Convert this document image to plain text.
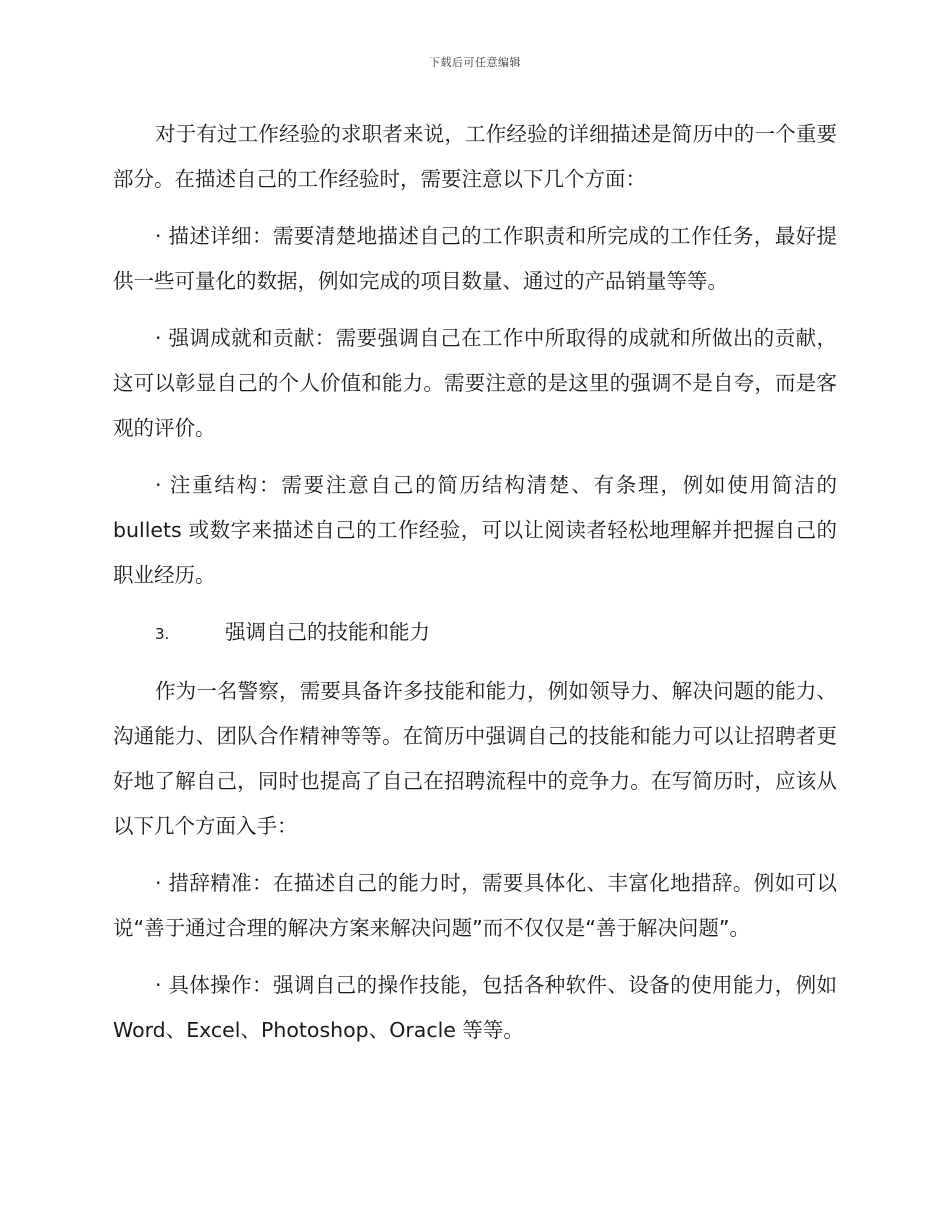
下载后可任意编辑

对于有过工作经验的求职者来说，工作经验的详细描述是简历中的一个重要部分。在描述自己的工作经验时，需要注意以下几个方面：

· 描述详细：需要清楚地描述自己的工作职责和所完成的工作任务，最好提供一些可量化的数据，例如完成的项目数量、通过的产品销量等等。

· 强调成就和贡献：需要强调自己在工作中所取得的成就和所做出的贡献，这可以彰显自己的个人价值和能力。需要注意的是这里的强调不是自夸，而是客观的评价。

· 注重结构：需要注意自己的简历结构清楚、有条理，例如使用简洁的 bullets 或数字来描述自己的工作经验，可以让阅读者轻松地理解并把握自己的职业经历。

3.	强调自己的技能和能力

作为一名警察，需要具备许多技能和能力，例如领导力、解决问题的能力、沟通能力、团队合作精神等等。在简历中强调自己的技能和能力可以让招聘者更好地了解自己，同时也提高了自己在招聘流程中的竞争力。在写简历时，应该从以下几个方面入手：

· 措辞精准：在描述自己的能力时，需要具体化、丰富化地措辞。例如可以说“善于通过合理的解决方案来解决问题”而不仅仅是“善于解决问题”。

· 具体操作：强调自己的操作技能，包括各种软件、设备的使用能力，例如 Word、Excel、Photoshop、Oracle 等等。
